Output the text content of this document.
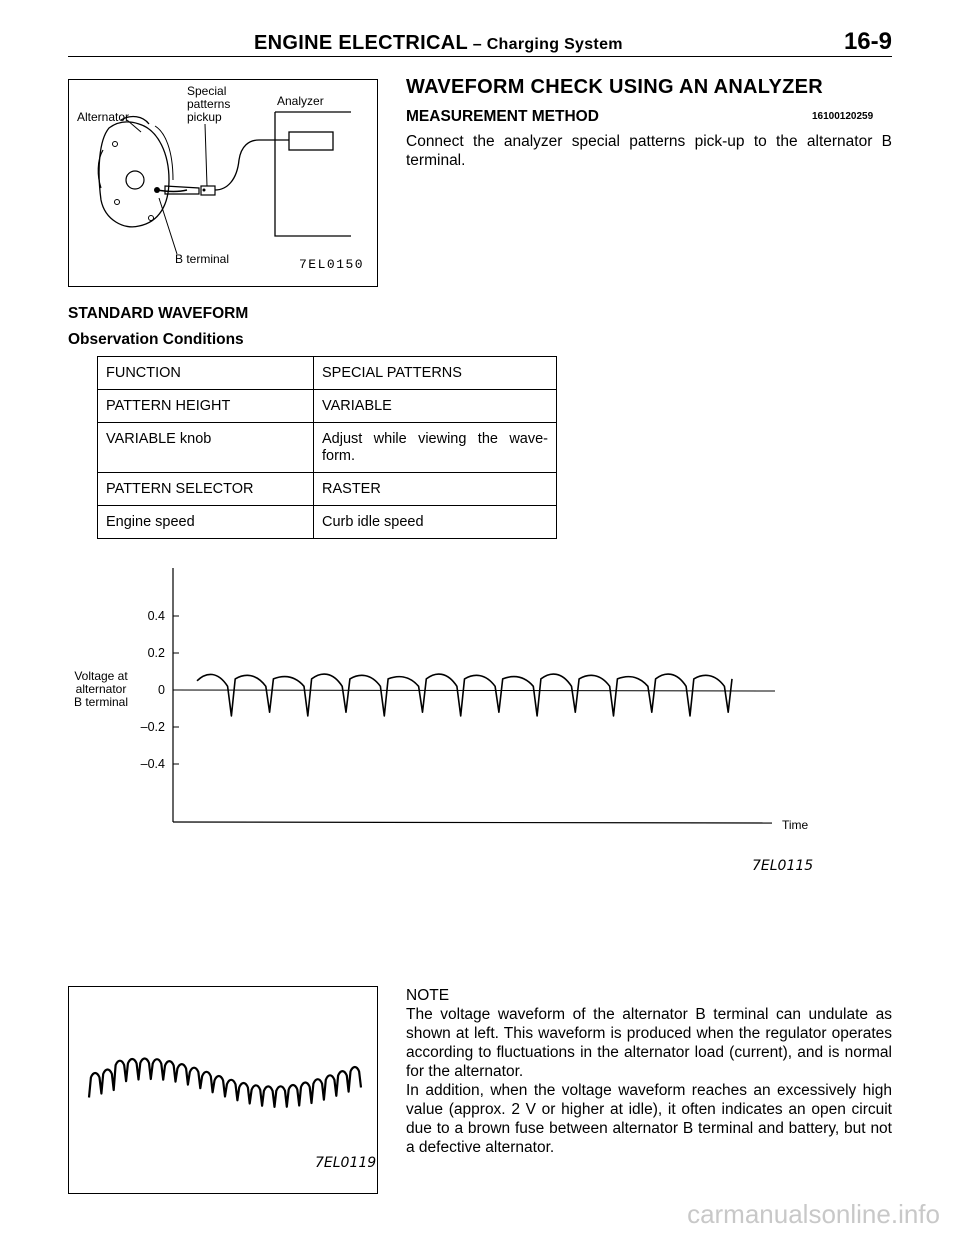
ENGINE ELECTRICAL – Charging System	16-9
Alternator
Special
patterns
pickup
Analyzer
B terminal	7EL0150
WAVEFORM CHECK USING AN ANALYZER
MEASUREMENT METHOD	16100120259
Connect the analyzer special patterns pick-up to the alternator B terminal.
STANDARD WAVEFORM
Observation Conditions
FUNCTION	SPECIAL PATTERNS
PATTERN HEIGHT	VARIABLE
VARIABLE knob	Adjust while viewing the wave-form.
PATTERN SELECTOR	RASTER
Engine speed	Curb idle speed
0.4
0.2
0
–0.2
–0.4
Voltage at
alternator
B terminal
Time
7EL0115
7EL0119
NOTE
The voltage waveform of the alternator B terminal can undulate as shown at left. This waveform is produced when the regulator operates according to fluctuations in the alternator load (current), and is normal for the alternator.
In addition, when the voltage waveform reaches an excessively high value (approx. 2 V or higher at idle), it often indicates an open circuit due to a brown fuse between alternator B terminal and battery, but not a defective alternator.
carmanualsonline.info
